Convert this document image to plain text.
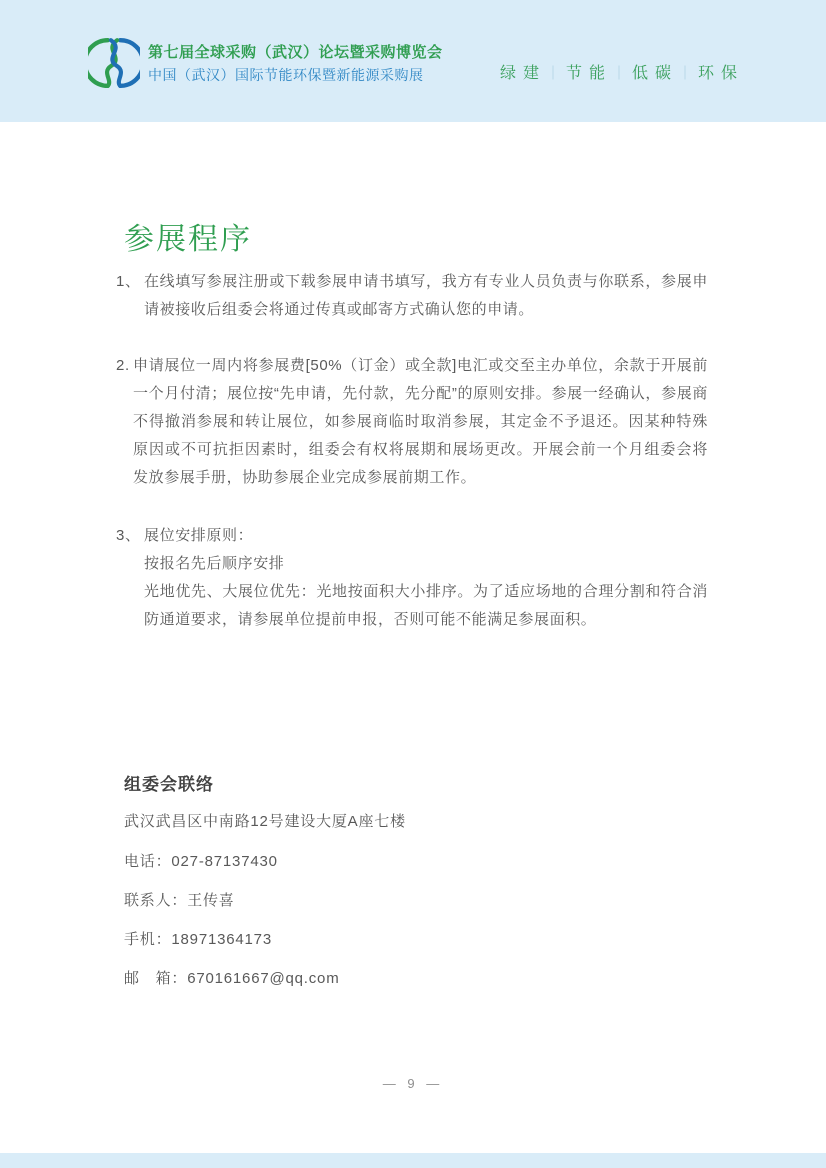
第七届全球采购（武汉）论坛暨采购博览会
中国（武汉）国际节能环保暨新能源采购展	绿建｜ 节能｜ 低碳｜ 环保
参展程序
1、 在线填写参展注册或下载参展申请书填写，我方有专业人员负责与你联系，参展申请被接收后组委会将通过传真或邮寄方式确认您的申请。
2. 申请展位一周内将参展费[50%（订金）或全款]电汇或交至主办单位，余款于开展前一个月付清；展位按“先申请，先付款，先分配”的原则安排。参展一经确认，参展商不得撤消参展和转让展位，如参展商临时取消参展，其定金不予退还。因某种特殊原因或不可抗拒因素时，组委会有权将展期和展场更改。开展会前一个月组委会将发放参展手册，协助参展企业完成参展前期工作。
3、 展位安排原则：
按报名先后顺序安排
光地优先、大展位优先：光地按面积大小排序。为了适应场地的合理分割和符合消防通道要求，请参展单位提前申报，否则可能不能满足参展面积。
组委会联络
武汉武昌区中南路12号建设大厦A座七楼
电话：027-87137430
联系人：王传喜
手机：18971364173
邮　箱：670161667@qq.com
— 9 —
